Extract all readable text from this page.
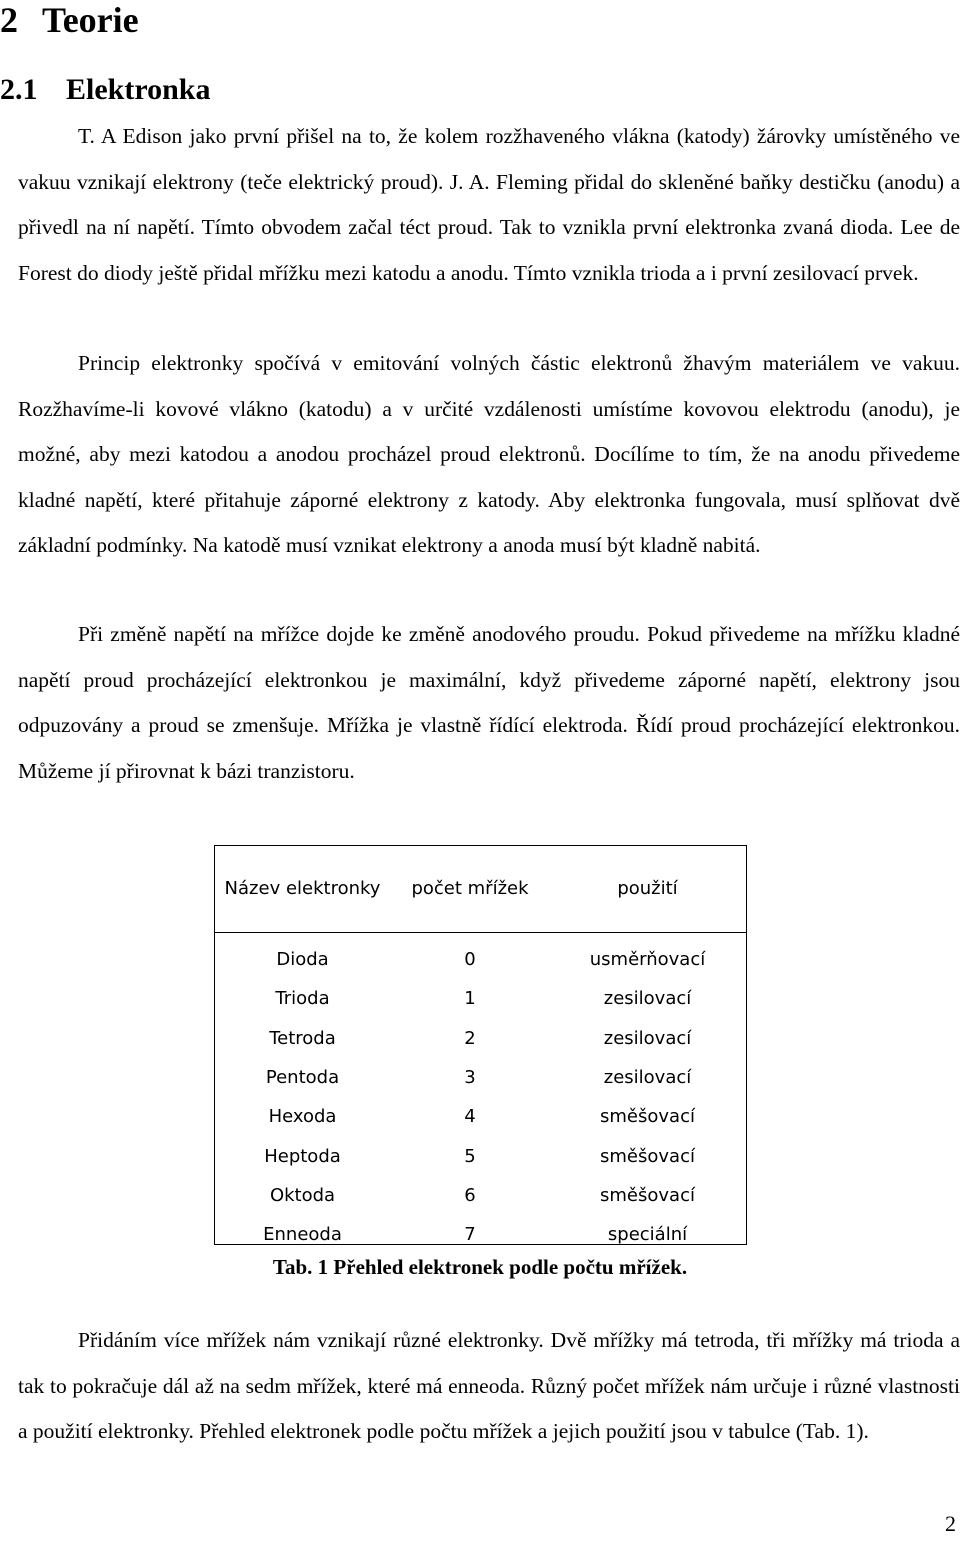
2 Teorie
2.1 Elektronka

T. A Edison jako první přišel na to, že kolem rozžhaveného vlákna (katody) žárovky umístěného ve vakuu vznikají elektrony (teče elektrický proud). J. A. Fleming přidal do skleněné baňky destičku (anodu) a přivedl na ní napětí. Tímto obvodem začal téct proud. Tak to vznikla první elektronka zvaná dioda. Lee de Forest do diody ještě přidal mřížku mezi katodu a anodu. Tímto vznikla trioda a i první zesilovací prvek.

Princip elektronky spočívá v emitování volných částic elektronů žhavým materiálem ve vakuu. Rozžhavíme-li kovové vlákno (katodu) a v určité vzdálenosti umístíme kovovou elektrodu (anodu), je možné, aby mezi katodou a anodou procházel proud elektronů. Docílíme to tím, že na anodu přivedeme kladné napětí, které přitahuje záporné elektrony z katody. Aby elektronka fungovala, musí splňovat dvě základní podmínky. Na katodě musí vznikat elektrony a anoda musí být kladně nabitá.

Při změně napětí na mřížce dojde ke změně anodového proudu. Pokud přivedeme na mřížku kladné napětí proud procházející elektronkou je maximální, když přivedeme záporné napětí, elektrony jsou odpuzovány a proud se zmenšuje. Mřížka je vlastně řídící elektroda. Řídí proud procházející elektronkou. Můžeme jí přirovnat k bázi tranzistoru.

Název elektronky	počet mřížek	použití
Dioda	0	usměrňovací
Trioda	1	zesilovací
Tetroda	2	zesilovací
Pentoda	3	zesilovací
Hexoda	4	směšovací
Heptoda	5	směšovací
Oktoda	6	směšovací
Enneoda	7	speciální

Tab. 1 Přehled elektronek podle počtu mřížek.

Přidáním více mřížek nám vznikají různé elektronky. Dvě mřížky má tetroda, tři mřížky má trioda a tak to pokračuje dál až na sedm mřížek, které má enneoda. Různý počet mřížek nám určuje i různé vlastnosti a použití elektronky. Přehled elektronek podle počtu mřížek a jejich použití jsou v tabulce (Tab. 1).

2
